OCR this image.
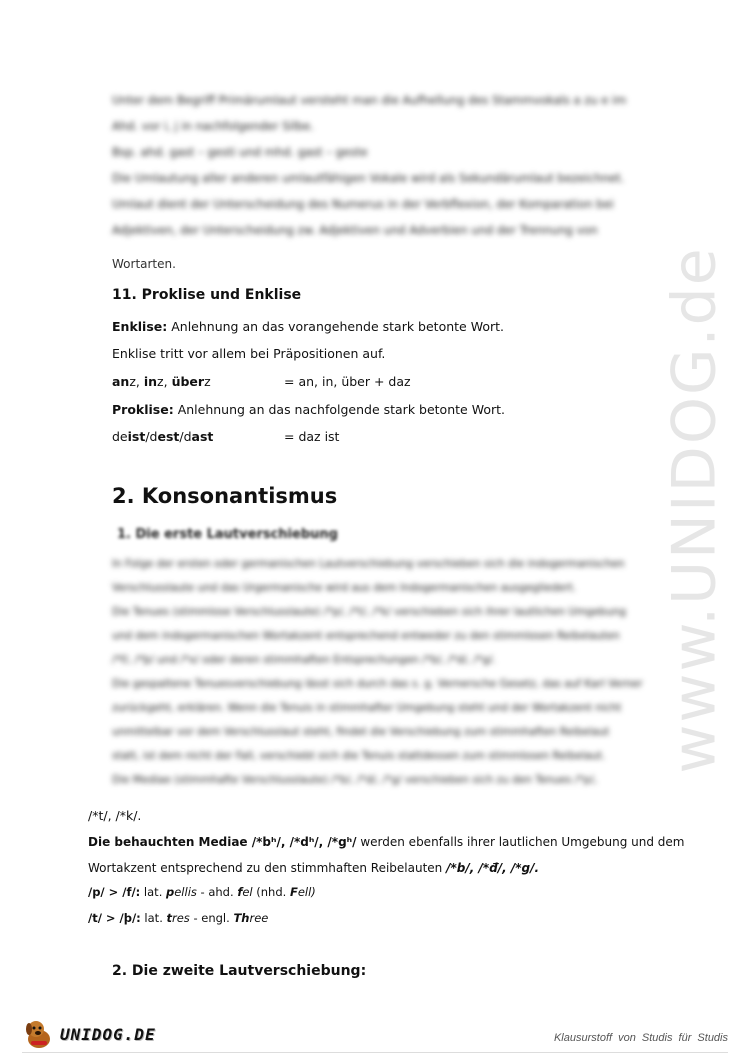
Unter dem Begriff Primärumlaut versteht man die Aufhellung des Stammvokals a zu e im
Ahd. vor i, j in nachfolgender Silbe.
Bsp. ahd. gast – gesti und mhd. gast – geste
Die Umlautung aller anderen umlautfähigen Vokale wird als Sekundärumlaut bezeichnet.
Umlaut dient der Unterscheidung des Numerus in der Verbflexion, der Komparation bei
Adjektiven, der Unterscheidung zw. Adjektiven und Adverbien und der Trennung von
Wortarten.
11. Proklise und Enklise
Enklise: Anlehnung an das vorangehende stark betonte Wort.
Enklise tritt vor allem bei Präpositionen auf.
anz, inz, überz	= an, in, über + daz
Proklise: Anlehnung an das nachfolgende stark betonte Wort.
deist/dest/dast	= daz ist
2. Konsonantismus
1. Die erste Lautverschiebung
In Folge der ersten oder germanischen Lautverschiebung verschieben sich die indogermanischen
Verschlusslaute und das Urgermanische wird aus dem Indogermanischen ausgegliedert.
Die Tenues (stimmlose Verschlusslaute) /*p/, /*t/, /*k/ verschieben sich ihrer lautlichen Umgebung
und dem indogermanischen Wortakzent entsprechend entweder zu den stimmlosen Reibelauten
/*f/, /*þ/ und /*x/ oder deren stimmhaften Entsprechungen /*b/, /*d/, /*g/.
Die gespaltene Tenuesverschiebung lässt sich durch das s. g. Vernersche Gesetz, das auf Karl Verner
zurückgeht, erklären. Wenn die Tenuis in stimmhafter Umgebung steht und der Wortakzent nicht
unmittelbar vor dem Verschlusslaut steht, findet die Verschiebung zum stimmhaften Reibelaut
statt, ist dem nicht der Fall, verschiebt sich die Tenuis stattdessen zum stimmlosen Reibelaut.
Die Mediae (stimmhafte Verschlusslaute) /*b/, /*d/, /*g/ verschieben sich zu den Tenues /*p/,
/*t/, /*k/.
Die behauchten Mediae /*bʰ/, /*dʰ/, /*gʰ/ werden ebenfalls ihrer lautlichen Umgebung und dem
Wortakzent entsprechend zu den stimmhaften Reibelauten /*b/, /*đ/, /*g/.
/p/ > /f/: lat. pellis - ahd. fel (nhd. Fell)
/t/ > /þ/: lat. tres - engl. Three
2. Die zweite Lautverschiebung:
www.UNIDOG.de
UNIDOG.DE	Klausurstoff von Studis für Studis
